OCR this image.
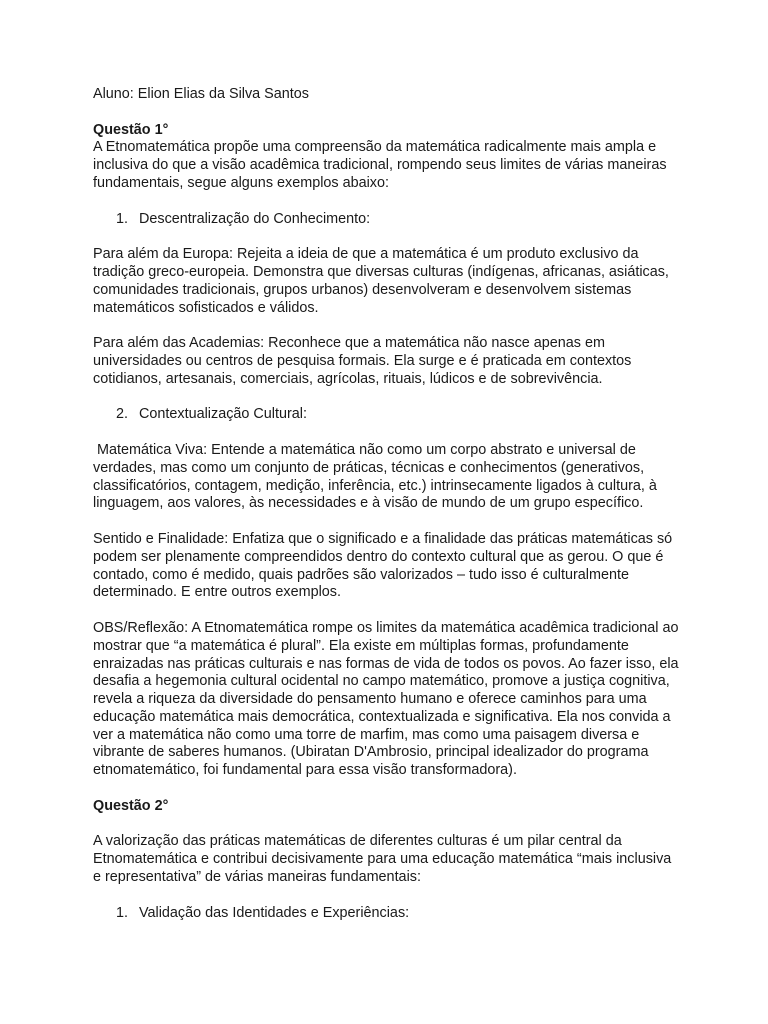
Aluno: Elion Elias da Silva Santos

Questão 1°

A Etnomatemática propõe uma compreensão da matemática radicalmente mais ampla e inclusiva do que a visão acadêmica tradicional, rompendo seus limites de várias maneiras fundamentais, segue alguns exemplos abaixo:

1. Descentralização do Conhecimento:

Para além da Europa: Rejeita a ideia de que a matemática é um produto exclusivo da tradição greco-europeia. Demonstra que diversas culturas (indígenas, africanas, asiáticas, comunidades tradicionais, grupos urbanos) desenvolveram e desenvolvem sistemas matemáticos sofisticados e válidos.

Para além das Academias: Reconhece que a matemática não nasce apenas em universidades ou centros de pesquisa formais. Ela surge e é praticada em contextos cotidianos, artesanais, comerciais, agrícolas, rituais, lúdicos e de sobrevivência.

2. Contextualização Cultural:

Matemática Viva: Entende a matemática não como um corpo abstrato e universal de verdades, mas como um conjunto de práticas, técnicas e conhecimentos (generativos, classificatórios, contagem, medição, inferência, etc.) intrinsecamente ligados à cultura, à linguagem, aos valores, às necessidades e à visão de mundo de um grupo específico.

Sentido e Finalidade: Enfatiza que o significado e a finalidade das práticas matemáticas só podem ser plenamente compreendidos dentro do contexto cultural que as gerou. O que é contado, como é medido, quais padrões são valorizados – tudo isso é culturalmente determinado. E entre outros exemplos.

OBS/Reflexão: A Etnomatemática rompe os limites da matemática acadêmica tradicional ao mostrar que “a matemática é plural”. Ela existe em múltiplas formas, profundamente enraizadas nas práticas culturais e nas formas de vida de todos os povos. Ao fazer isso, ela desafia a hegemonia cultural ocidental no campo matemático, promove a justiça cognitiva, revela a riqueza da diversidade do pensamento humano e oferece caminhos para uma educação matemática mais democrática, contextualizada e significativa. Ela nos convida a ver a matemática não como uma torre de marfim, mas como uma paisagem diversa e vibrante de saberes humanos. (Ubiratan D'Ambrosio, principal idealizador do programa etnomatemático, foi fundamental para essa visão transformadora).

Questão 2°

A valorização das práticas matemáticas de diferentes culturas é um pilar central da Etnomatemática e contribui decisivamente para uma educação matemática “mais inclusiva e representativa” de várias maneiras fundamentais:

1. Validação das Identidades e Experiências:
